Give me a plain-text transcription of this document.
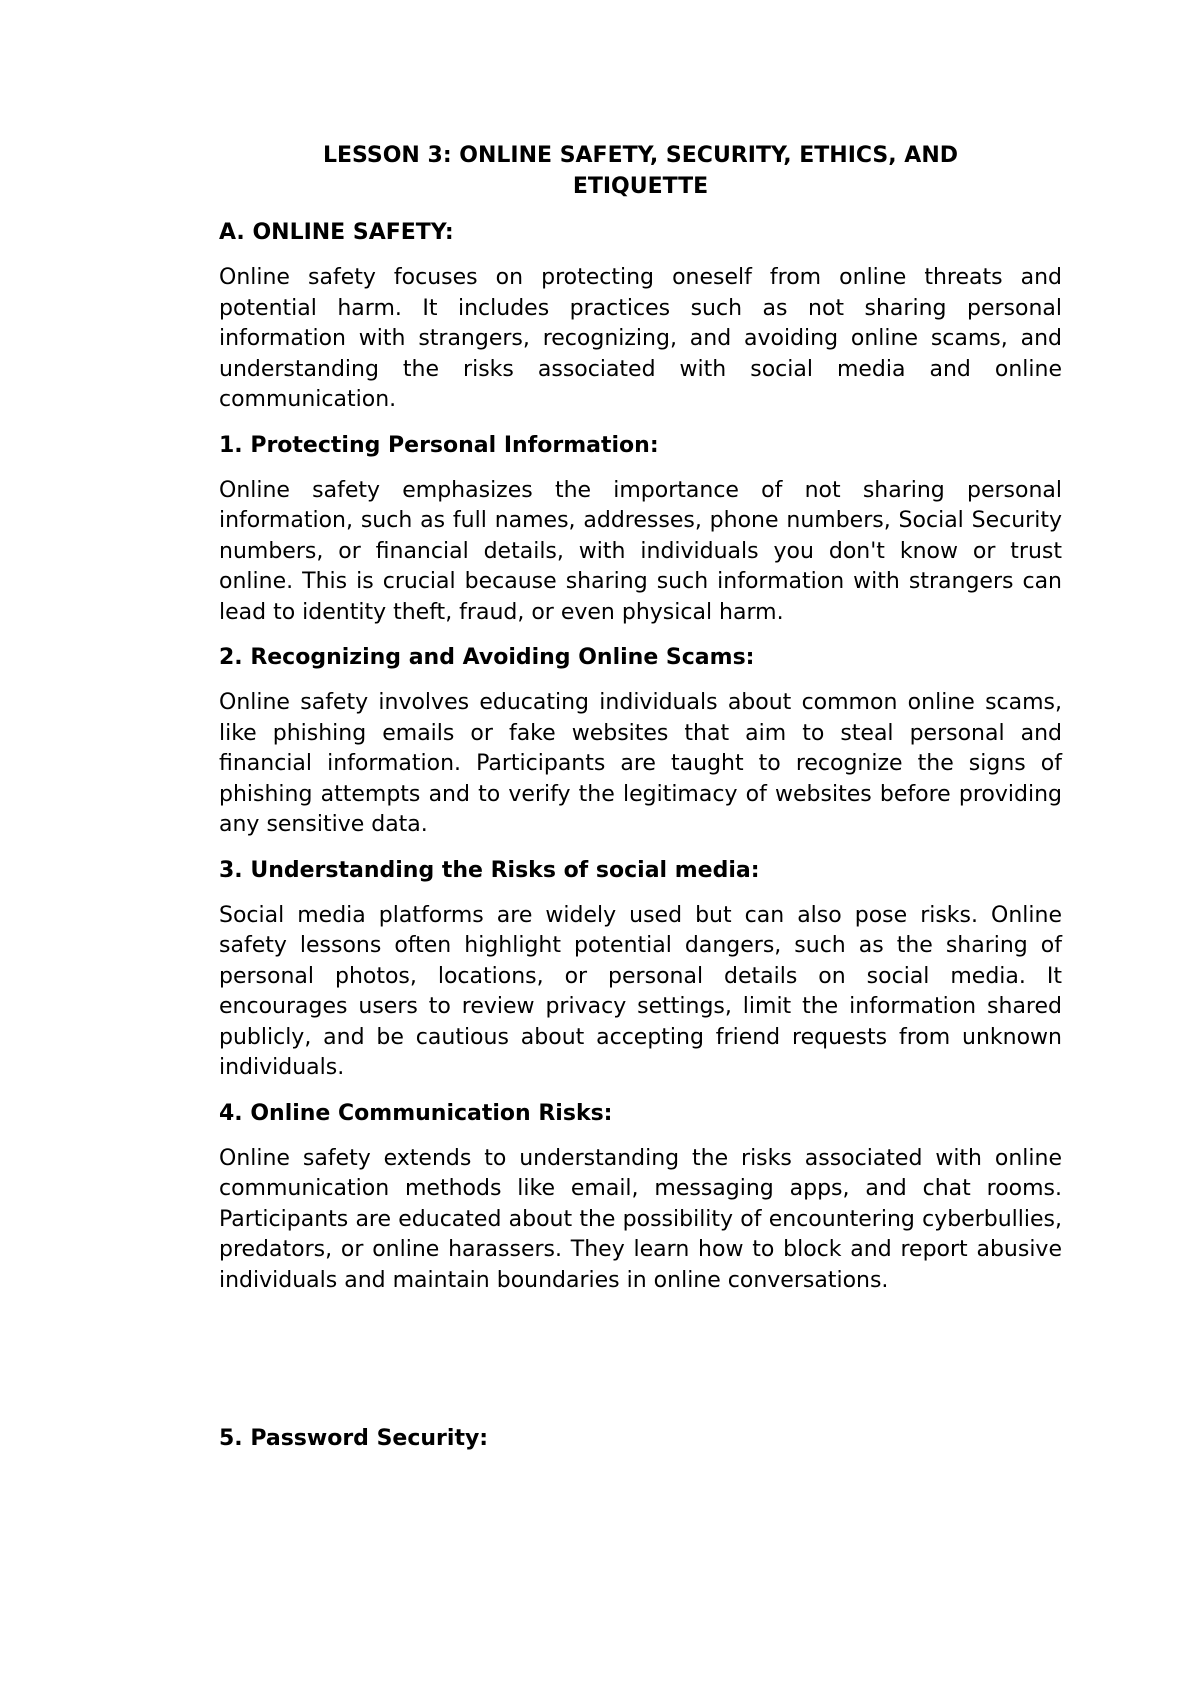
LESSON 3: ONLINE SAFETY, SECURITY, ETHICS, AND ETIQUETTE
A. ONLINE SAFETY:
Online safety focuses on protecting oneself from online threats and potential harm. It includes practices such as not sharing personal information with strangers, recognizing, and avoiding online scams, and understanding the risks associated with social media and online communication.
1. Protecting Personal Information:
Online safety emphasizes the importance of not sharing personal information, such as full names, addresses, phone numbers, Social Security numbers, or financial details, with individuals you don't know or trust online. This is crucial because sharing such information with strangers can lead to identity theft, fraud, or even physical harm.
2. Recognizing and Avoiding Online Scams:
Online safety involves educating individuals about common online scams, like phishing emails or fake websites that aim to steal personal and financial information. Participants are taught to recognize the signs of phishing attempts and to verify the legitimacy of websites before providing any sensitive data.
3. Understanding the Risks of social media:
Social media platforms are widely used but can also pose risks. Online safety lessons often highlight potential dangers, such as the sharing of personal photos, locations, or personal details on social media. It encourages users to review privacy settings, limit the information shared publicly, and be cautious about accepting friend requests from unknown individuals.
4. Online Communication Risks:
Online safety extends to understanding the risks associated with online communication methods like email, messaging apps, and chat rooms. Participants are educated about the possibility of encountering cyberbullies, predators, or online harassers. They learn how to block and report abusive individuals and maintain boundaries in online conversations.
5. Password Security:
